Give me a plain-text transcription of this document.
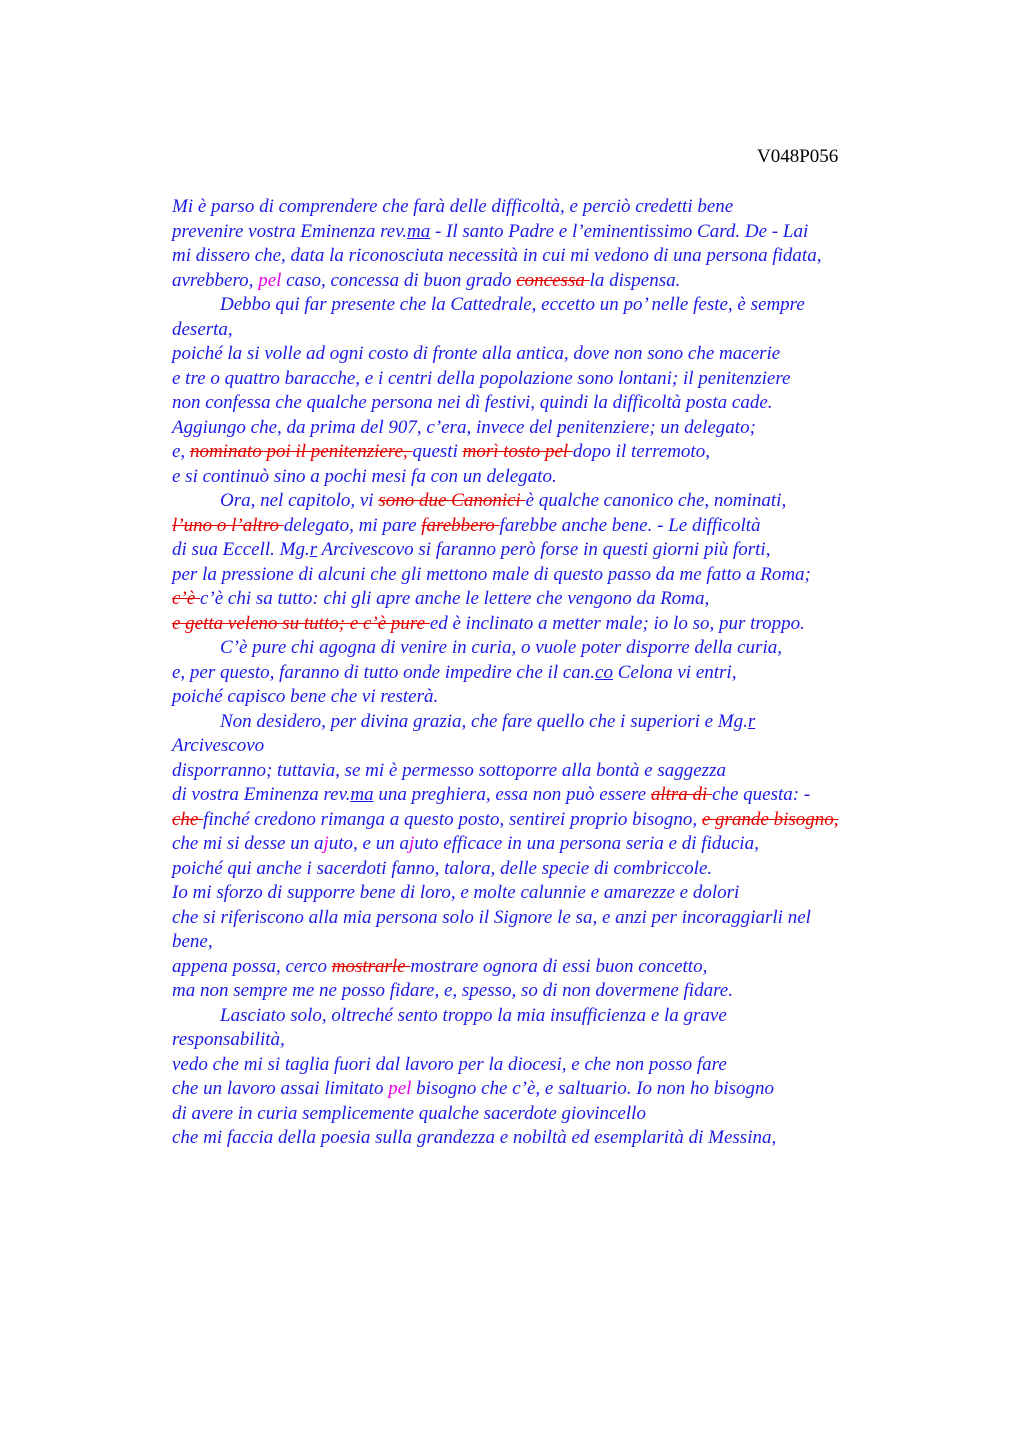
V048P056
Mi è parso di comprendere che farà delle difficoltà, e perciò credetti bene
prevenire vostra Eminenza rev.ma - Il santo Padre e l’eminentissimo Card. De - Lai
mi dissero che, data la riconosciuta necessità in cui mi vedono di una persona fidata,
avrebbero, pel caso, concessa di buon grado concessa la dispensa.
Debbo qui far presente che la Cattedrale, eccetto un po’ nelle feste, è sempre
deserta,
poiché la si volle ad ogni costo di fronte alla antica, dove non sono che macerie
e tre o quattro baracche, e i centri della popolazione sono lontani; il penitenziere
non confessa che qualche persona nei dì festivi, quindi la difficoltà posta cade.
Aggiungo che, da prima del 907, c’era, invece del penitenziere; un delegato;
e, nominato poi il penitenziere, questi morì tosto pel dopo il terremoto,
e si continuò sino a pochi mesi fa con un delegato.
Ora, nel capitolo, vi sono due Canonici è qualche canonico che, nominati,
l’uno o l’altro delegato, mi pare farebbero farebbe anche bene. - Le difficoltà
di sua Eccell. Mg.r Arcivescovo si faranno però forse in questi giorni più forti,
per la pressione di alcuni che gli mettono male di questo passo da me fatto a Roma;
c’è c’è chi sa tutto: chi gli apre anche le lettere che vengono da Roma,
e getta veleno su tutto; e c’è pure ed è inclinato a metter male; io lo so, pur troppo.
C’è pure chi agogna di venire in curia, o vuole poter disporre della curia,
e, per questo, faranno di tutto onde impedire che il can.co Celona vi entri,
poiché capisco bene che vi resterà.
Non desidero, per divina grazia, che fare quello che i superiori e Mg.r
Arcivescovo
disporranno; tuttavia, se mi è permesso sottoporre alla bontà e saggezza
di vostra Eminenza rev.ma una preghiera, essa non può essere altra di che questa: -
che finché credono rimanga a questo posto, sentirei proprio bisogno, e grande bisogno,
che mi si desse un ajuto, e un ajuto efficace in una persona seria e di fiducia,
poiché qui anche i sacerdoti fanno, talora, delle specie di combriccole.
Io mi sforzo di supporre bene di loro, e molte calunnie e amarezze e dolori
che si riferiscono alla mia persona solo il Signore le sa, e anzi per incoraggiarli nel
bene,
appena possa, cerco mostrarle mostrare ognora di essi buon concetto,
ma non sempre me ne posso fidare, e, spesso, so di non dovermene fidare.
Lasciato solo, oltreché sento troppo la mia insufficienza e la grave
responsabilità,
vedo che mi si taglia fuori dal lavoro per la diocesi, e che non posso fare
che un lavoro assai limitato pel bisogno che c’è, e saltuario. Io non ho bisogno
di avere in curia semplicemente qualche sacerdote giovincello
che mi faccia della poesia sulla grandezza e nobiltà ed esemplarità di Messina,
